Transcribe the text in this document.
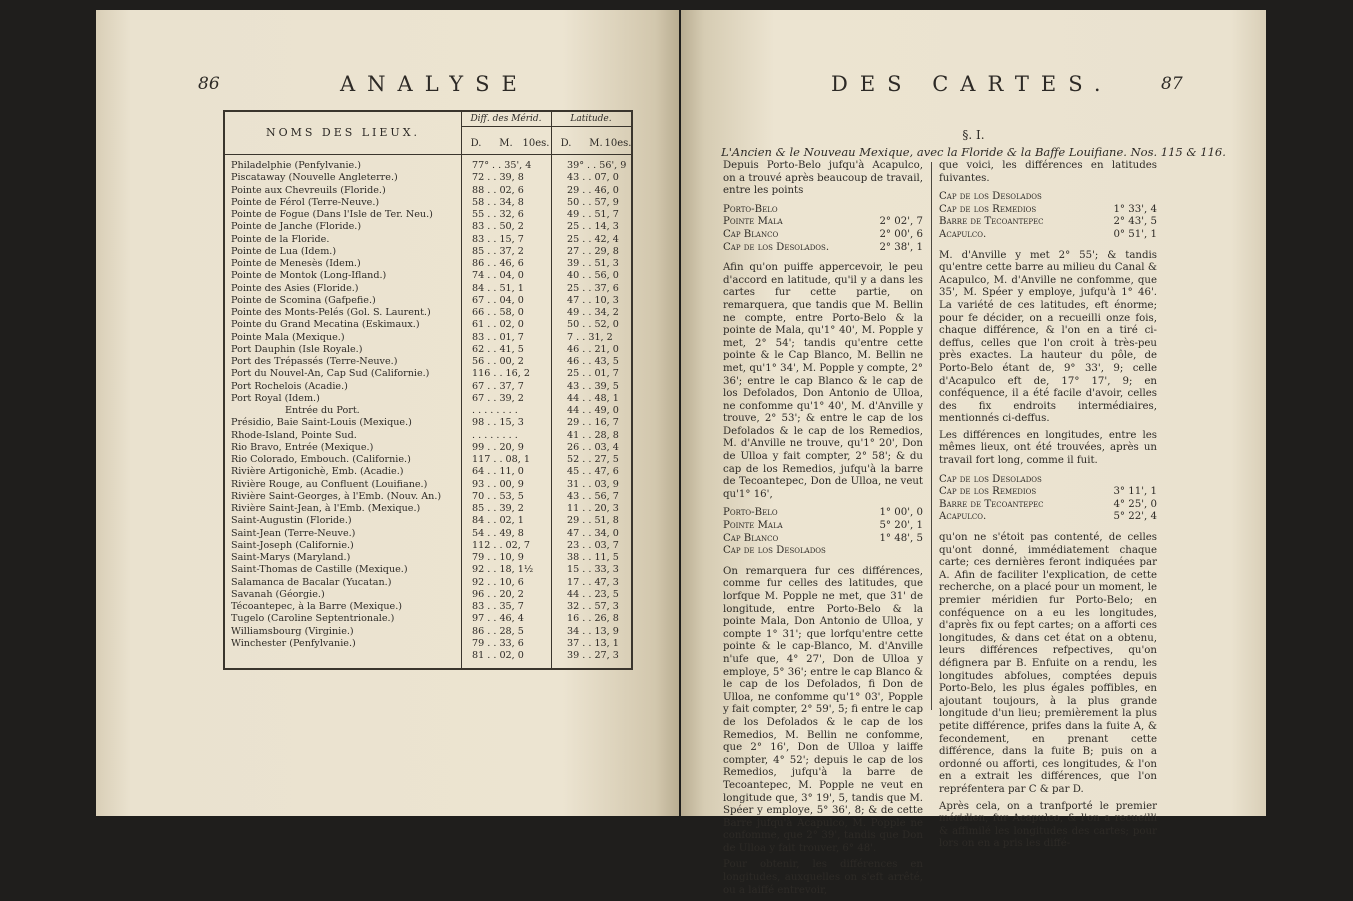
86	ANALYSE
NOMS DES LIEUX.
Diff. des Mérid.	Latitude.
D.	M. 10es.	D.	M. 10es.
Philadelphie (Penfylvanie.)	77° . . 35', 4	39° . . 56', 9
Piscataway (Nouvelle Angleterre.)	72 . . 39, 8	43 . . 07, 0
Pointe aux Chevreuils (Floride.)	88 . . 02, 6	29 . . 46, 0
Pointe de Férol (Terre-Neuve.)	58 . . 34, 8	50 . . 57, 9
Pointe de Fogue (Dans l'Isle de Ter. Neu.)	55 . . 32, 6	49 . . 51, 7
Pointe de Janche (Floride.)	83 . . 50, 2	25 . . 14, 3
Pointe de la Floride.	83 . . 15, 7	25 . . 42, 4
Pointe de Lua (Idem.)	85 . . 37, 2	27 . . 29, 8
Pointe de Menesès (Idem.)	86 . . 46, 6	39 . . 51, 3
Pointe de Montok (Long-Ifland.)	74 . . 04, 0	40 . . 56, 0
Pointe des Asies (Floride.)	84 . . 51, 1	25 . . 37, 6
Pointe de Scomina (Gafpefie.)	67 . . 04, 0	47 . . 10, 3
Pointe des Monts-Pelés (Gol. S. Laurent.)	66 . . 58, 0	49 . . 34, 2
Pointe du Grand Mecatina (Eskimaux.)	61 . . 02, 0	50 . . 52, 0
Pointe Mala (Mexique.)	83 . . 01, 7	7 . . 31, 2
Port Dauphin (Isle Royale.)	62 . . 41, 5	46 . . 21, 0
Port des Trépassés (Terre-Neuve.)	56 . . 00, 2	46 . . 43, 5
Port du Nouvel-An, Cap Sud (Californie.)	116 . . 16, 2	25 . . 01, 7
Port Rochelois (Acadie.)	67 . . 37, 7	43 . . 39, 5
Port Royal (Idem.)	67 . . 39, 2	44 . . 48, 1
Entrée du Port.	. . . . . . . .	44 . . 49, 0
Présidio, Baie Saint-Louis (Mexique.)	98 . . 15, 3	29 . . 16, 7
Rhode-Island, Pointe Sud.	. . . . . . . .	41 . . 28, 8
Rio Bravo, Entrée (Mexique.)	99 . . 20, 9	26 . . 03, 4
Rio Colorado, Embouch. (Californie.)	117 . . 08, 1	52 . . 27, 5
Rivière Artigonichè, Emb. (Acadie.)	64 . . 11, 0	45 . . 47, 6
Rivière Rouge, au Confluent (Louifiane.)	93 . . 00, 9	31 . . 03, 9
Rivière Saint-Georges, à l'Emb. (Nouv. An.)	70 . . 53, 5	43 . . 56, 7
Rivière Saint-Jean, à l'Emb. (Mexique.)	85 . . 39, 2	11 . . 20, 3
Saint-Augustin (Floride.)	84 . . 02, 1	29 . . 51, 8
Saint-Jean (Terre-Neuve.)	54 . . 49, 8	47 . . 34, 0
Saint-Joseph (Californie.)	112 . . 02, 7	23 . . 03, 7
Saint-Marys (Maryland.)	79 . . 10, 9	38 . . 11, 5
Saint-Thomas de Castille (Mexique.)	92 . . 18, 1½	15 . . 33, 3
Salamanca de Bacalar (Yucatan.)	92 . . 10, 6	17 . . 47, 3
Savanah (Géorgie.)	96 . . 20, 2	44 . . 23, 5
Técoantepec, à la Barre (Mexique.)	83 . . 35, 7	32 . . 57, 3
Tugelo (Caroline Septentrionale.)	97 . . 46, 4	16 . . 26, 8
Williamsbourg (Virginie.)	86 . . 28, 5	34 . . 13, 9
Winchester (Penfylvanie.)	79 . . 33, 6	37 . . 13, 1
81 . . 02, 0	39 . . 27, 3
DES CARTES.	87
§. I.
L'Ancien & le Nouveau Mexique, avec la Floride & la Baffe Louifiane. Nos. 115 & 116.

Depuis Porto-Belo jufqu'à Acapulco, on a trouvé après beaucoup de travail, entre les points

Porto-Belo
Pointe Mala	2° 02', 7
Cap Blanco	2° 00', 6
Cap de los Desolados.	2° 38', 1

Afin qu'on puiffe appercevoir, le peu d'accord en latitude, qu'il y a dans les cartes fur cette partie, on remarquera, que tandis que M. Bellin ne compte, entre Porto-Belo & la pointe de Mala, qu'1° 40', M. Popple y met, 2° 54'; tandis qu'entre cette pointe & le Cap Blanco, M. Bellin ne met, qu'1° 34', M. Popple y compte, 2° 36'; entre le cap Blanco & le cap de los Defolados, Don Antonio de Ulloa, ne confomme qu'1° 40', M. d'Anville y trouve, 2° 53'; & entre le cap de los Defolados & le cap de los Remedios, M. d'Anville ne trouve, qu'1° 20', Don de Ulloa y fait compter, 2° 58'; & du cap de los Remedios, jufqu'à la barre de Tecoantepec, Don de Ulloa, ne veut qu'1° 16',

Porto-Belo	1° 00', 0
Pointe Mala	5° 20', 1
Cap Blanco	1° 48', 5
Cap de los Desolados

On remarquera fur ces différences, comme fur celles des latitudes, que lorfque M. Popple ne met, que 31' de longitude, entre Porto-Belo & la pointe Mala, Don Antonio de Ulloa, y compte 1° 31'; que lorfqu'entre cette pointe & le cap-Blanco, M. d'Anville n'ufe que, 4° 27', Don de Ulloa y employe, 5° 36'; entre le cap Blanco & le cap de los Defolados, fi Don de Ulloa, ne confomme qu'1° 03', Popple y fait compter, 2° 59', 5; fi entre le cap de los Defolados & le cap de los Remedios, M. Bellin ne confomme, que 2° 16', Don de Ulloa y laiffe compter, 4° 52'; depuis le cap de los Remedios, jufqu'à la barre de Tecoantepec, M. Popple ne veut en longitude que, 3° 19', 5, tandis que M. Spéer y employe, 5° 36', 8; & de cette Barre jufqu'à Acapulco, M. Popple ne confomme, que 2° 39', tandis que Don de Ulloa y fait trouver, 6° 48'.

Pour obtenir, les différences en longitudes, auxquelles on s'eft arrêté, ou a laiffé entrevoir,

que voici, les différences en latitudes fuivantes.

Cap de los Desolados
Cap de los Remedios	1° 33', 4
Barre de Tecoantepec	2° 43', 5
Acapulco.	0° 51', 1

M. d'Anville y met 2° 55'; & tandis qu'entre cette barre au milieu du Canal & Acapulco, M. d'Anville ne confomme, que 35', M. Spéer y employe, jufqu'à 1° 46'. La variété de ces latitudes, eft énorme; pour fe décider, on a recueilli onze fois, chaque différence, & l'on en a tiré ci-deffus, celles que l'on croit à très-peu près exactes. La hauteur du pôle, de Porto-Belo étant de, 9° 33', 9; celle d'Acapulco eft de, 17° 17', 9; en conféquence, il a été facile d'avoir, celles des fix endroits intermédiaires, mentionnés ci-deffus.

Les différences en longitudes, entre les mêmes lieux, ont été trouvées, après un travail fort long, comme il fuit.

Cap de los Desolados
Cap de los Remedios	3° 11', 1
Barre de Tecoantepec	4° 25', 0
Acapulco.	5° 22', 4

qu'on ne s'étoit pas contenté, de celles qu'ont donné, immédiatement chaque carte; ces dernières feront indiquées par A. Afin de faciliter l'explication, de cette recherche, on a placé pour un moment, le premier méridien fur Porto-Belo; en conféquence on a eu les longitudes, d'après fix ou fept cartes; on a afforti ces longitudes, & dans cet état on a obtenu, leurs différences refpectives, qu'on défignera par B. Enfuite on a rendu, les longitudes abfolues, comptées depuis Porto-Belo, les plus égales poffibles, en ajoutant toujours, à la plus grande longitude d'un lieu; premièrement la plus petite différence, prifes dans la fuite A, & fecondement, en prenant cette différence, dans la fuite B; puis on a ordonné ou afforti, ces longitudes, & l'on en a extrait les différences, que l'on repréfentera par C & par D.

Après cela, on a tranfporté le premier méridien, fur Acapulco, & l'on a recueilli & affimilé les longitudes des cartes; pour lors on en a pris les diffé-
